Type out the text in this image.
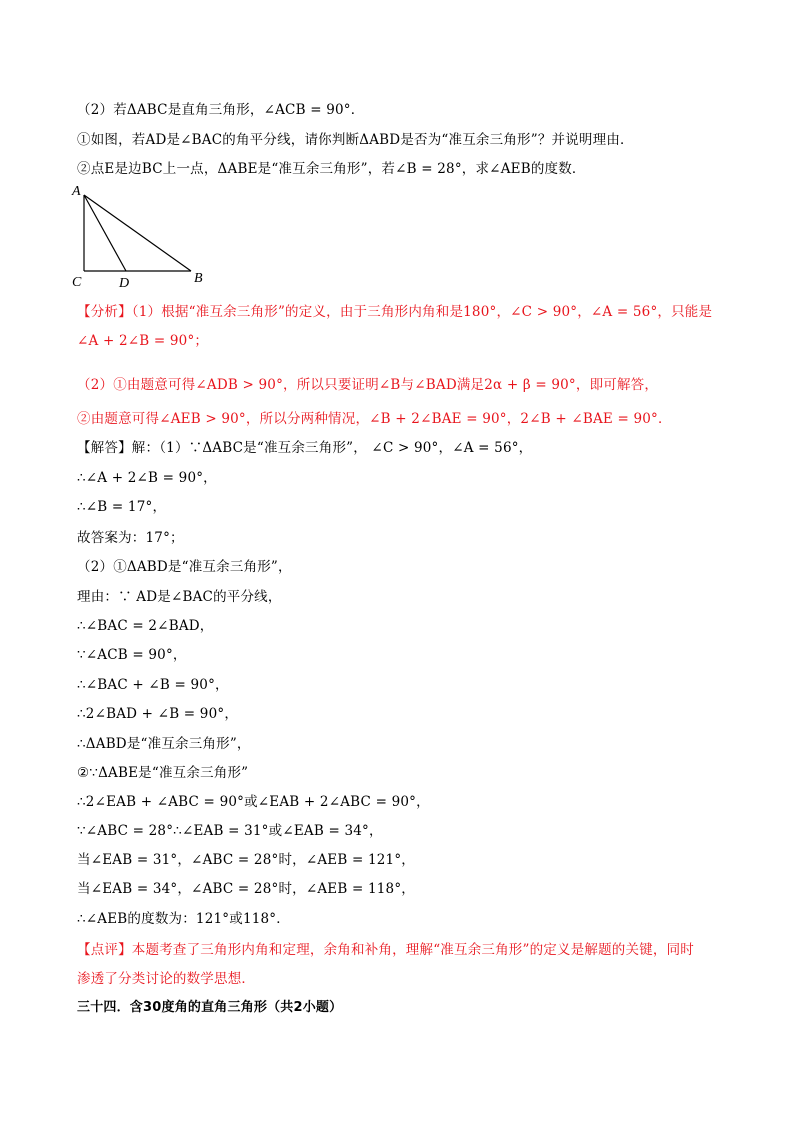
（2）若ΔABC是直角三角形，∠ACB = 90°．
①如图，若AD是∠BAC的角平分线，请你判断ΔABD是否为“准互余三角形”？并说明理由．
②点E是边BC上一点，ΔABE是“准互余三角形”，若∠B = 28°，求∠AEB的度数．
A
C	D	B
【分析】（1）根据“准互余三角形”的定义，由于三角形内角和是180°，∠C > 90°，∠A = 56°，只能是
∠A + 2∠B = 90°；
（2）①由题意可得∠ADB > 90°，所以只要证明∠B与∠BAD满足2α + β = 90°，即可解答，
②由题意可得∠AEB > 90°，所以分两种情况，∠B + 2∠BAE = 90°，2∠B + ∠BAE = 90°．
【解答】解：（1）∵ΔABC是“准互余三角形”， ∠C > 90°，∠A = 56°，
∴∠A + 2∠B = 90°，
∴∠B = 17°，
故答案为：17°；
（2）①ΔABD是“准互余三角形”，
理由：∵ AD是∠BAC的平分线，
∴∠BAC = 2∠BAD，
∵∠ACB = 90°，
∴∠BAC + ∠B = 90°，
∴2∠BAD + ∠B = 90°，
∴ΔABD是“准互余三角形”，
②∵ΔABE是“准互余三角形”
∴2∠EAB + ∠ABC = 90°或∠EAB + 2∠ABC = 90°，
∵∠ABC = 28°∴∠EAB = 31°或∠EAB = 34°，
当∠EAB = 31°，∠ABC = 28°时，∠AEB = 121°，
当∠EAB = 34°，∠ABC = 28°时，∠AEB = 118°，
∴∠AEB的度数为：121°或118°．
【点评】本题考查了三角形内角和定理，余角和补角，理解“准互余三角形”的定义是解题的关键，同时
渗透了分类讨论的数学思想．
三十四．含30度角的直角三角形（共2小题）
